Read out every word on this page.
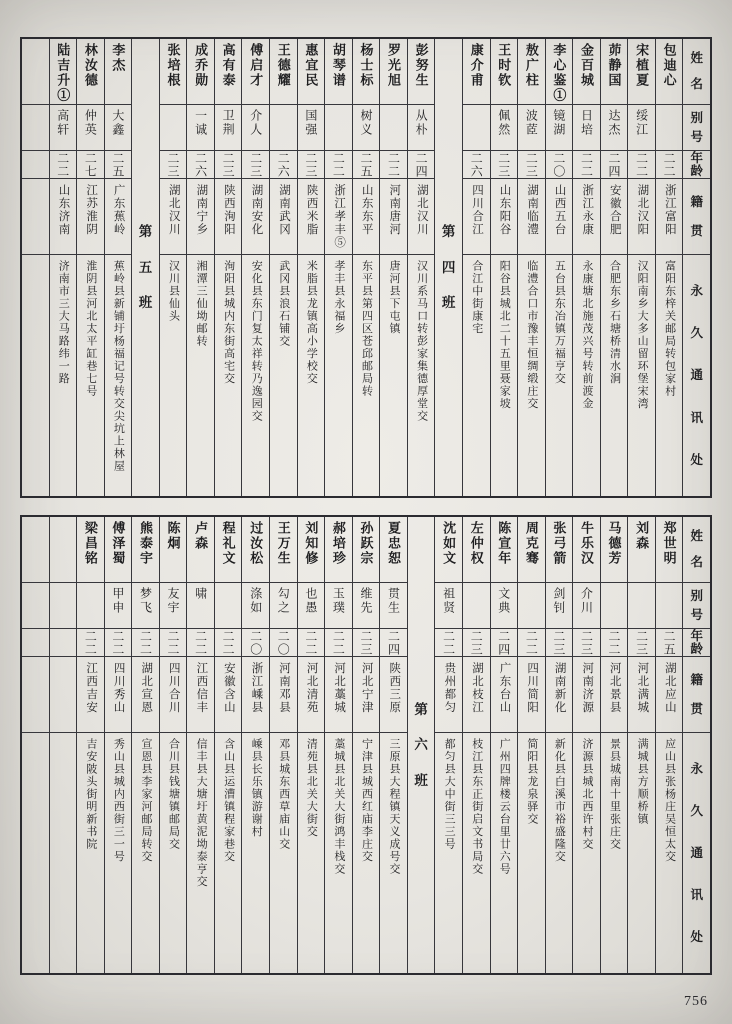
姓
名
别
号
年
龄
籍
贯
永
久
通
讯
处
包迪心
二二
浙江富阳
富阳东梓关邮局转包家村
宋植夏
绥江
二二
湖北汉阳
汉阳南乡大多山留环堡宋湾
茆静国
达杰
二四
安徽合肥
合肥东乡石塘桥清水涧
金百城
日培
二二
浙江永康
永康塘北施茂兴号转前渡金
李心鉴①
镜湖
二〇
山西五台
五台县东冶镇万福亨交
敖广柱
波茝
二三
湖南临澧
临澧合口市豫丰恒绸缎庄交
王时钦
佩然
二三
山东阳谷
阳谷县城北二十五里聂家坡
康介甫
二六
四川合江
合江中街康宅
第
四
班
彭努生
从朴
二四
湖北汉川
汉川系马口转彭家集德厚堂交
罗光旭
二二
河南唐河
唐河县下屯镇
杨士标
树义
二五
山东东平
东平县第四区苍邱邮局转
胡琴谱
二二
浙江孝丰⑤
孝丰县永福乡
惠宜民
国强
二三
陕西米脂
米脂县龙镇高小学校交
王德耀
二六
湖南武冈
武冈县浪石铺交
傅启才
介人
二三
湖南安化
安化县东门复太祥转乃逸园交
高有泰
卫荆
二三
陕西洵阳
洵阳县城内东街高宅交
成乔勋
一诚
二六
湖南宁乡
湘潭三仙坳邮转
张培根
二三
湖北汉川
汉川县仙头
第
五
班
李杰
大鑫
二五
广东蕉岭
蕉岭县新铺圩杨福记号转交尖坑上林屋
林汝德
仲英
二七
江苏淮阴
淮阴县河北太平缸巷七号
陆吉升①
高轩
二二
山东济南
济南市三大马路纬一路
姓
名
别
号
年
龄
籍
贯
永
久
通
讯
处
郑世明
二五
湖北应山
应山县张杨庄吴恒太交
刘森
二三
河北满城
满城县方顺桥镇
马德芳
二二
河北景县
景县城南十里张庄交
牛乐汉
介川
二三
河南济源
济源县城北西许村交
张弓箭
剑钊
二三
湖南新化
新化县白溪市裕盛隆交
周克骞
二二
四川简阳
简阳县龙泉驿交
陈宣年
文典
二四
广东台山
广州四牌楼云台里廿六号
左仲权
二三
湖北枝江
枝江县东正街启文书局交
沈如文
祖贤
二二
贵州都匀
都匀县大中街三三号
第
六
班
夏忠恕
贯生
二四
陕西三原
三原县大程镇天义成号交
孙跃宗
维先
二三
河北宁津
宁津县城西红庙李庄交
郝培珍
玉璞
二二
河北藁城
藁城县北关大街鸿丰栈交
刘知修
也愚
二二
河北清苑
清苑县北关大街交
王万生
勾之
二〇
河南邓县
邓县城东西草庙山交
过汝松
涤如
二〇
浙江嵊县
嵊县长乐镇游谢村
程礼文
二二
安徽含山
含山县运漕镇程家巷交
卢森
啸
二二
江西信丰
信丰县大塘圩黄泥坳泰亨交
陈炯
友宇
二二
四川合川
合川县钱塘镇邮局交
熊泰宇
梦飞
二二
湖北宣恩
宣恩县李家河邮局转交
傅泽蜀
甲申
二二
四川秀山
秀山县城内西街三一号
梁昌铭
二二
江西吉安
吉安陂头街明新书院
756
